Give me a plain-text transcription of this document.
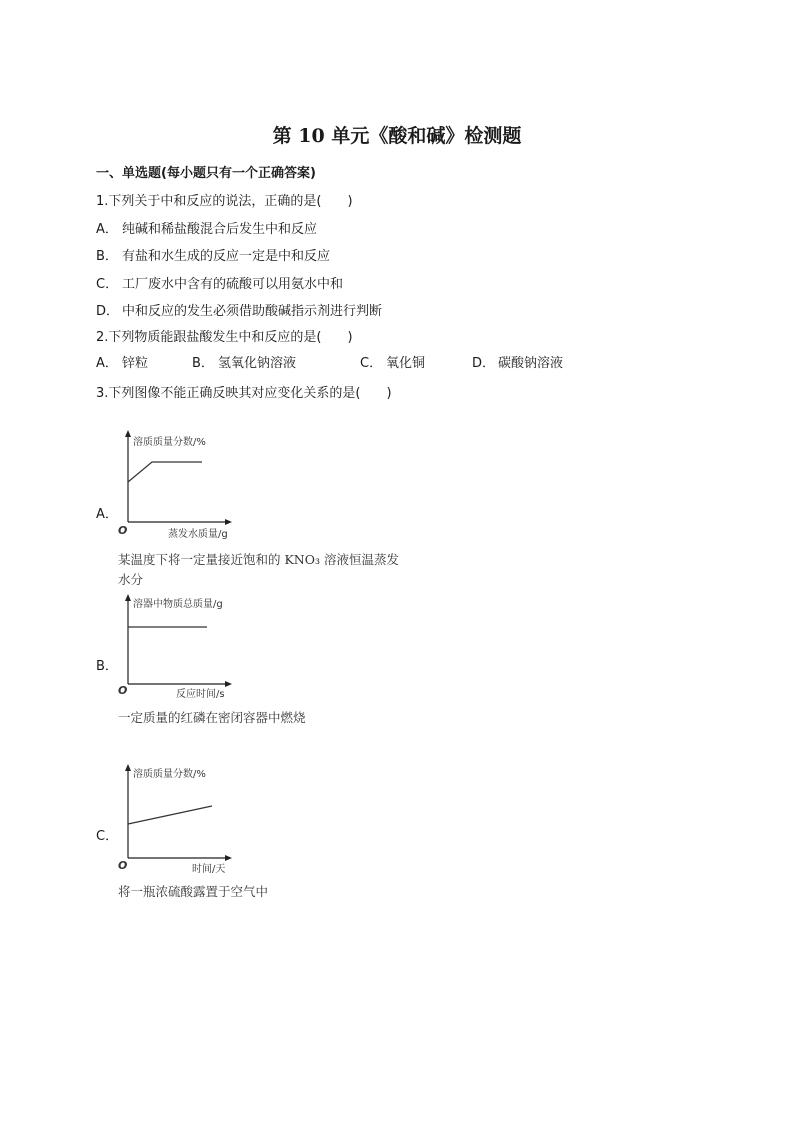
第 10 单元《酸和碱》检测题
一、单选题(每小题只有一个正确答案)
1.下列关于中和反应的说法，正确的是(　　)
A． 纯碱和稀盐酸混合后发生中和反应
B． 有盐和水生成的反应一定是中和反应
C． 工厂废水中含有的硫酸可以用氨水中和
D． 中和反应的发生必须借助酸碱指示剂进行判断
2.下列物质能跟盐酸发生中和反应的是(　　)
A． 锌粒	B． 氢氧化钠溶液	C． 氧化铜	D． 碳酸钠溶液
3.下列图像不能正确反映其对应变化关系的是(　　)
A．
溶质质量分数/%
蒸发水质量/g
O
某温度下将一定量接近饱和的 KNO₃ 溶液恒温蒸发
水分
B．
溶器中物质总质量/g
反应时间/s
O
一定质量的红磷在密闭容器中燃烧
C．
溶质质量分数/%
时间/天
O
将一瓶浓硫酸露置于空气中
